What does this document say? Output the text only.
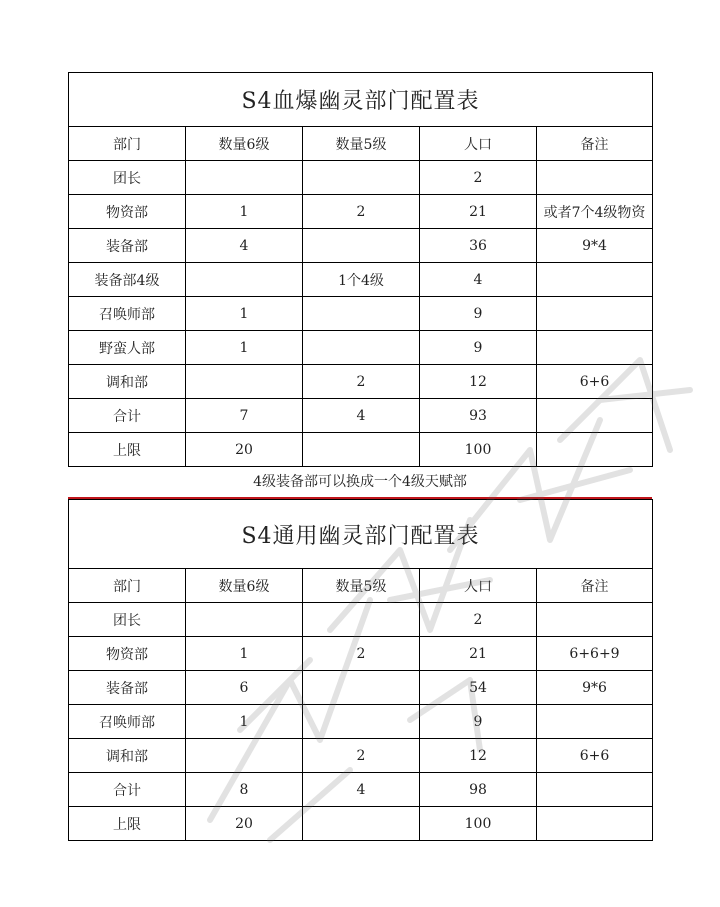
S4血爆幽灵部门配置表				
部门	数量6级	数量5级	人口	备注
团长			2	
物资部	1	2	21	或者7个4级物资
装备部	4		36	9*4
装备部4级		1个4级	4	
召唤师部	1		9	
野蛮人部	1		9	
调和部		2	12	6+6
合计	7	4	93	
上限	20		100	
4级装备部可以换成一个4级天赋部
S4通用幽灵部门配置表				
部门	数量6级	数量5级	人口	备注
团长			2	
物资部	1	2	21	6+6+9
装备部	6		54	9*6
召唤师部	1		9	
调和部		2	12	6+6
合计	8	4	98	
上限	20		100	
